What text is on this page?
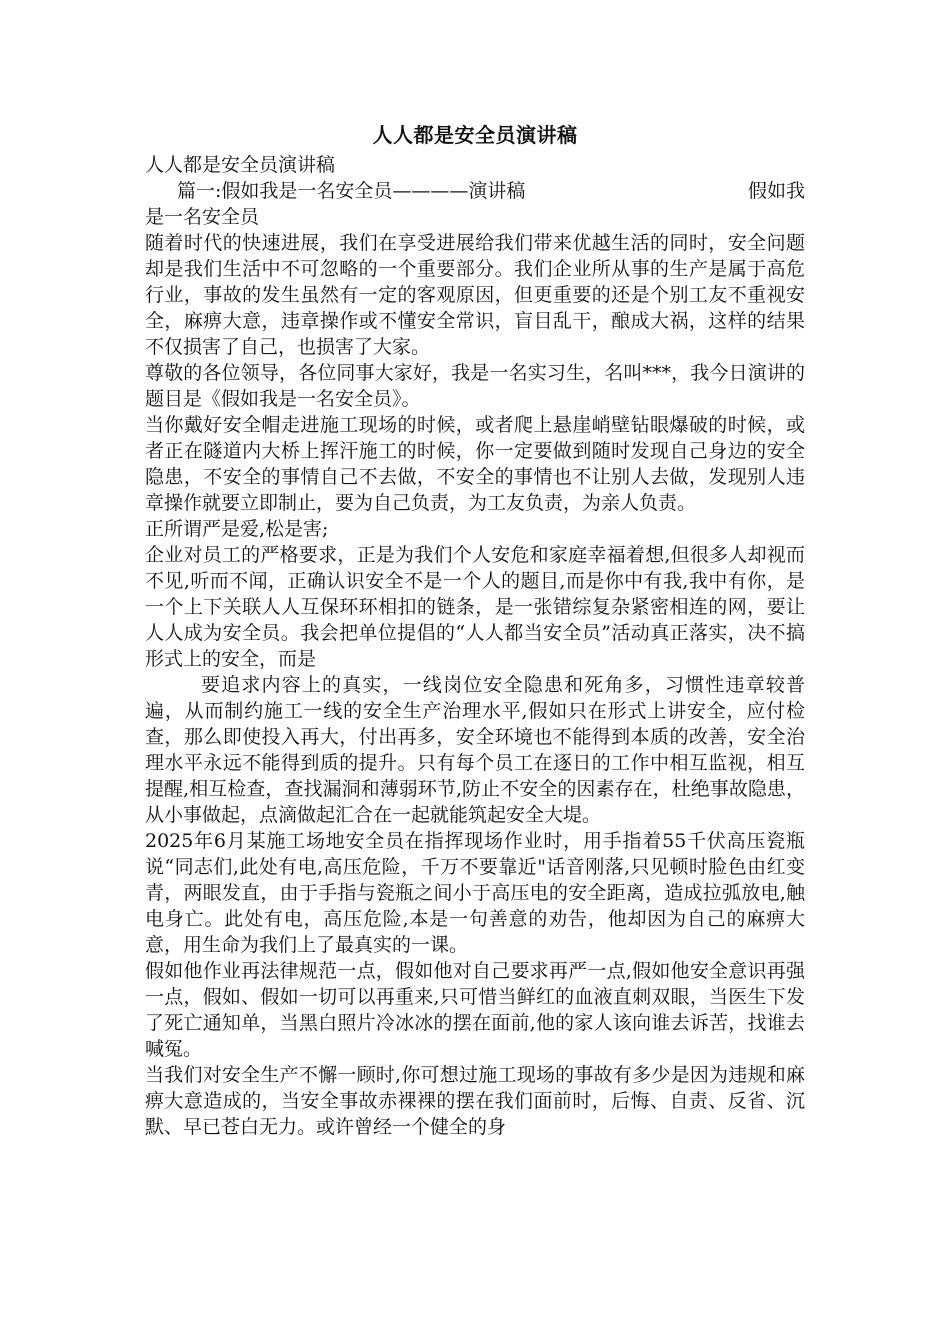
人人都是安全员演讲稿

人人都是安全员演讲稿

篇一:假如我是一名安全员————演讲稿	假如我

是一名安全员

随着时代的快速进展，我们在享受进展给我们带来优越生活的同时，安全问题却是我们生活中不可忽略的一个重要部分。我们企业所从事的生产是属于高危行业，事故的发生虽然有一定的客观原因，但更重要的还是个别工友不重视安全，麻痹大意，违章操作或不懂安全常识，盲目乱干，酿成大祸，这样的结果不仅损害了自己，也损害了大家。

尊敬的各位领导，各位同事大家好，我是一名实习生，名叫***，我今日演讲的题目是《假如我是一名安全员》。

当你戴好安全帽走进施工现场的时候，或者爬上悬崖峭壁钻眼爆破的时候，或者正在隧道内大桥上挥汗施工的时候，你一定要做到随时发现自己身边的安全隐患，不安全的事情自己不去做，不安全的事情也不让别人去做，发现别人违章操作就要立即制止，要为自己负责，为工友负责，为亲人负责。

正所谓严是爱,松是害;

企业对员工的严格要求，正是为我们个人安危和家庭幸福着想,但很多人却视而不见,听而不闻，正确认识安全不是一个人的题目,而是你中有我,我中有你，是一个上下关联人人互保环环相扣的链条，是一张错综复杂紧密相连的网，要让人人成为安全员。我会把单位提倡的“人人都当安全员”活动真正落实，决不搞形式上的安全，而是

要追求内容上的真实，一线岗位安全隐患和死角多，习惯性违章较普遍，从而制约施工一线的安全生产治理水平,假如只在形式上讲安全，应付检查，那么即使投入再大，付出再多，安全环境也不能得到本质的改善，安全治理水平永远不能得到质的提升。只有每个员工在逐日的工作中相互监视，相互提醒,相互检查，查找漏洞和薄弱环节,防止不安全的因素存在，杜绝事故隐患，从小事做起，点滴做起汇合在一起就能筑起安全大堤。

2025年6月某施工场地安全员在指挥现场作业时，用手指着55千伏高压瓷瓶说“同志们,此处有电,高压危险，千万不要靠近"话音刚落,只见顿时脸色由红变青，两眼发直，由于手指与瓷瓶之间小于高压电的安全距离，造成拉弧放电,触电身亡。此处有电，高压危险,本是一句善意的劝告，他却因为自己的麻痹大意，用生命为我们上了最真实的一课。

假如他作业再法律规范一点，假如他对自己要求再严一点,假如他安全意识再强一点，假如、假如一切可以再重来,只可惜当鲜红的血液直刺双眼，当医生下发了死亡通知单，当黑白照片冷冰冰的摆在面前,他的家人该向谁去诉苦，找谁去喊冤。

当我们对安全生产不懈一顾时,你可想过施工现场的事故有多少是因为违规和麻痹大意造成的，当安全事故赤裸裸的摆在我们面前时，后悔、自责、反省、沉默、早已苍白无力。或许曾经一个健全的身
